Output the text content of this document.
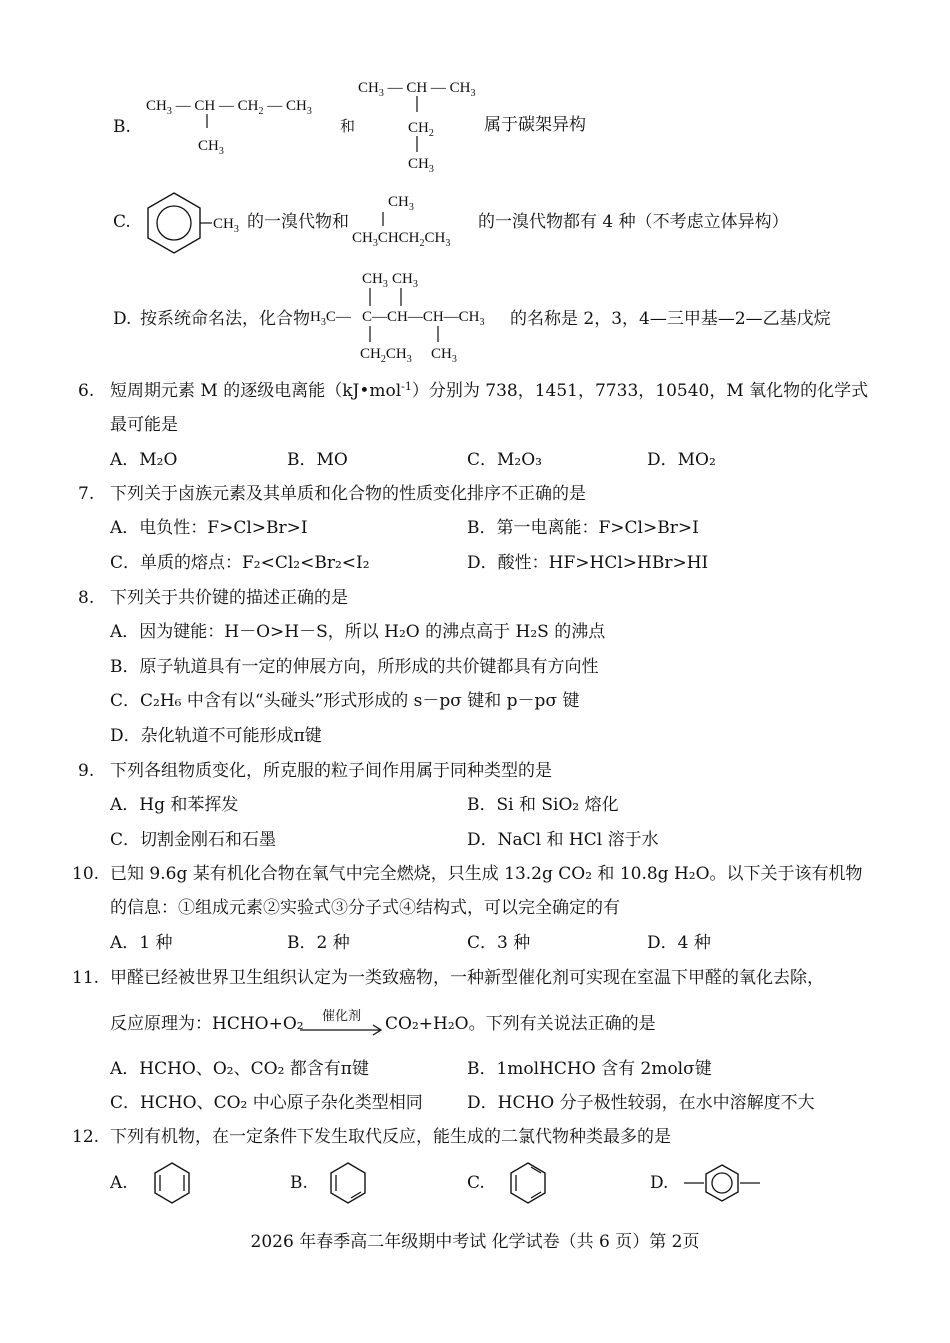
B.
$CH_3$ — CH — $CH_2$ — $CH_3$
$CH_3$
$CH_3$ — CH — $CH_3$
$CH_2$
$CH_3$
和	属于碳架异构
C.	$CH_3$
$CH_3$
$CH_3CHCH_2CH_3$
的一溴代物和	的一溴代物都有 4 种（不考虑立体异构）
D. 按系统命名法，化合物
$CH_3$ $CH_3$
$H_3C—$ $C—CH—CH—CH_3$
$CH_2CH_3$ $CH_3$
的名称是 2，3，4—三甲基—2—乙基戊烷
6. 短周期元素 M 的逐级电离能（kJ•mol$^{-1}$）分别为 738，1451，7733，10540，M 氧化物的化学式
最可能是
A．M₂O	B．MO	C．M₂O₃	D．MO₂
7. 下列关于卤族元素及其单质和化合物的性质变化排序不正确的是
A．电负性：F>Cl>Br>I	B．第一电离能：F>Cl>Br>I
C．单质的熔点：F₂<Cl₂<Br₂<I₂	D．酸性：HF>HCl>HBr>HI
8. 下列关于共价键的描述正确的是
A．因为键能：H－O>H－S，所以 H₂O 的沸点高于 H₂S 的沸点
B．原子轨道具有一定的伸展方向，所形成的共价键都具有方向性
C．C₂H₆ 中含有以“头碰头”形式形成的 s－pσ 键和 p－pσ 键
D．杂化轨道不可能形成π键
9. 下列各组物质变化，所克服的粒子间作用属于同种类型的是
A．Hg 和苯挥发	B．Si 和 SiO₂ 熔化
C．切割金刚石和石墨	D．NaCl 和 HCl 溶于水
10. 已知 9.6g 某有机化合物在氧气中完全燃烧，只生成 13.2g CO₂ 和 10.8g H₂O。以下关于该有机物
的信息：①组成元素②实验式③分子式④结构式，可以完全确定的有
A．1 种	B．2 种	C．3 种	D．4 种
11. 甲醛已经被世界卫生组织认定为一类致癌物，一种新型催化剂可实现在室温下甲醛的氧化去除，
反应原理为：HCHO+O₂ 催化剂 CO₂+H₂O。下列有关说法正确的是
A．HCHO、O₂、CO₂ 都含有π键	B．1molHCHO 含有 2molσ键
C．HCHO、CO₂ 中心原子杂化类型相同	D．HCHO 分子极性较弱，在水中溶解度不大
12. 下列有机物，在一定条件下发生取代反应，能生成的二氯代物种类最多的是
A.	B.	C.	D.
2026 年春季高二年级期中考试 化学试卷（共 6 页）第 2页
